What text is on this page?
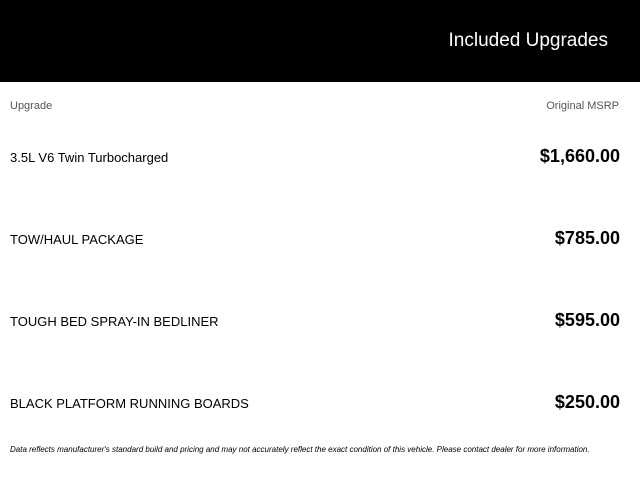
Included Upgrades
Upgrade	Original MSRP
3.5L V6 Twin Turbocharged	$1,660.00
TOW/HAUL PACKAGE	$785.00
TOUGH BED SPRAY-IN BEDLINER	$595.00
BLACK PLATFORM RUNNING BOARDS	$250.00
Data reflects manufacturer's standard build and pricing and may not accurately reflect the exact condition of this vehicle. Please contact dealer for more information.
